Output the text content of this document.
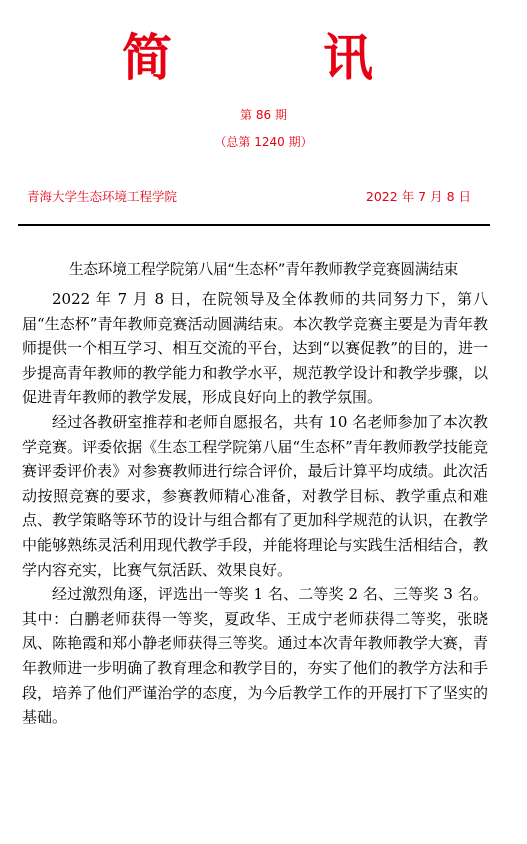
简	讯
第 86 期
（总第 1240 期）
青海大学生态环境工程学院	2022 年 7 月 8 日
生态环境工程学院第八届“生态杯”青年教师教学竞赛圆满结束

2022 年 7 月 8 日，在院领导及全体教师的共同努力下，第八届“生态杯”青年教师竞赛活动圆满结束。本次教学竞赛主要是为青年教师提供一个相互学习、相互交流的平台，达到“以赛促教”的目的，进一步提高青年教师的教学能力和教学水平，规范教学设计和教学步骤，以促进青年教师的教学发展，形成良好向上的教学氛围。

经过各教研室推荐和老师自愿报名，共有 10 名老师参加了本次教学竞赛。评委依据《生态工程学院第八届“生态杯”青年教师教学技能竞赛评委评价表》对参赛教师进行综合评价，最后计算平均成绩。此次活动按照竞赛的要求，参赛教师精心准备，对教学目标、教学重点和难点、教学策略等环节的设计与组合都有了更加科学规范的认识，在教学中能够熟练灵活利用现代教学手段，并能将理论与实践生活相结合，教学内容充实，比赛气氛活跃、效果良好。

经过激烈角逐，评选出一等奖 1 名、二等奖 2 名、三等奖 3 名。其中：白鹏老师获得一等奖，夏政华、王成宁老师获得二等奖，张晓凤、陈艳霞和郑小静老师获得三等奖。通过本次青年教师教学大赛，青年教师进一步明确了教育理念和教学目的，夯实了他们的教学方法和手段，培养了他们严谨治学的态度，为今后教学工作的开展打下了坚实的基础。
